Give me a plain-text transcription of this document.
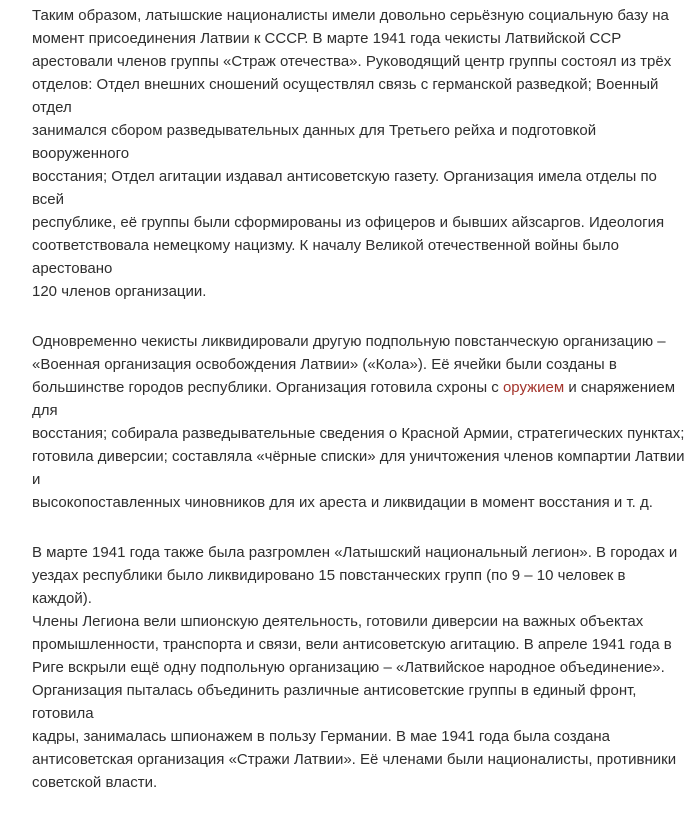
Таким образом, латышские националисты имели довольно серьёзную социальную базу на
момент присоединения Латвии к СССР. В марте 1941 года чекисты Латвийской ССР
арестовали членов группы «Страж отечества». Руководящий центр группы состоял из трёх
отделов: Отдел внешних сношений осуществлял связь с германской разведкой; Военный отдел
занимался сбором разведывательных данных для Третьего рейха и подготовкой вооруженного
восстания; Отдел агитации издавал антисоветскую газету. Организация имела отделы по всей
республике, её группы были сформированы из офицеров и бывших айзсаргов. Идеология
соответствовала немецкому нацизму. К началу Великой отечественной войны было арестовано
120 членов организации.

Одновременно чекисты ликвидировали другую подпольную повстанческую организацию –
«Военная организация освобождения Латвии» («Кола»). Её ячейки были созданы в
большинстве городов республики. Организация готовила схроны с оружием и снаряжением для
восстания; собирала разведывательные сведения о Красной Армии, стратегических пунктах;
готовила диверсии; составляла «чёрные списки» для уничтожения членов компартии Латвии и
высокопоставленных чиновников для их ареста и ликвидации в момент восстания и т. д.

В марте 1941 года также была разгромлен «Латышский национальный легион». В городах и
уездах республики было ликвидировано 15 повстанческих групп (по 9 – 10 человек в каждой).
Члены Легиона вели шпионскую деятельность, готовили диверсии на важных объектах
промышленности, транспорта и связи, вели антисоветскую агитацию. В апреле 1941 года в
Риге вскрыли ещё одну подпольную организацию – «Латвийское народное объединение».
Организация пыталась объединить различные антисоветские группы в единый фронт, готовила
кадры, занималась шпионажем в пользу Германии. В мае 1941 года была создана
антисоветская организация «Стражи Латвии». Её членами были националисты, противники
советской власти.
